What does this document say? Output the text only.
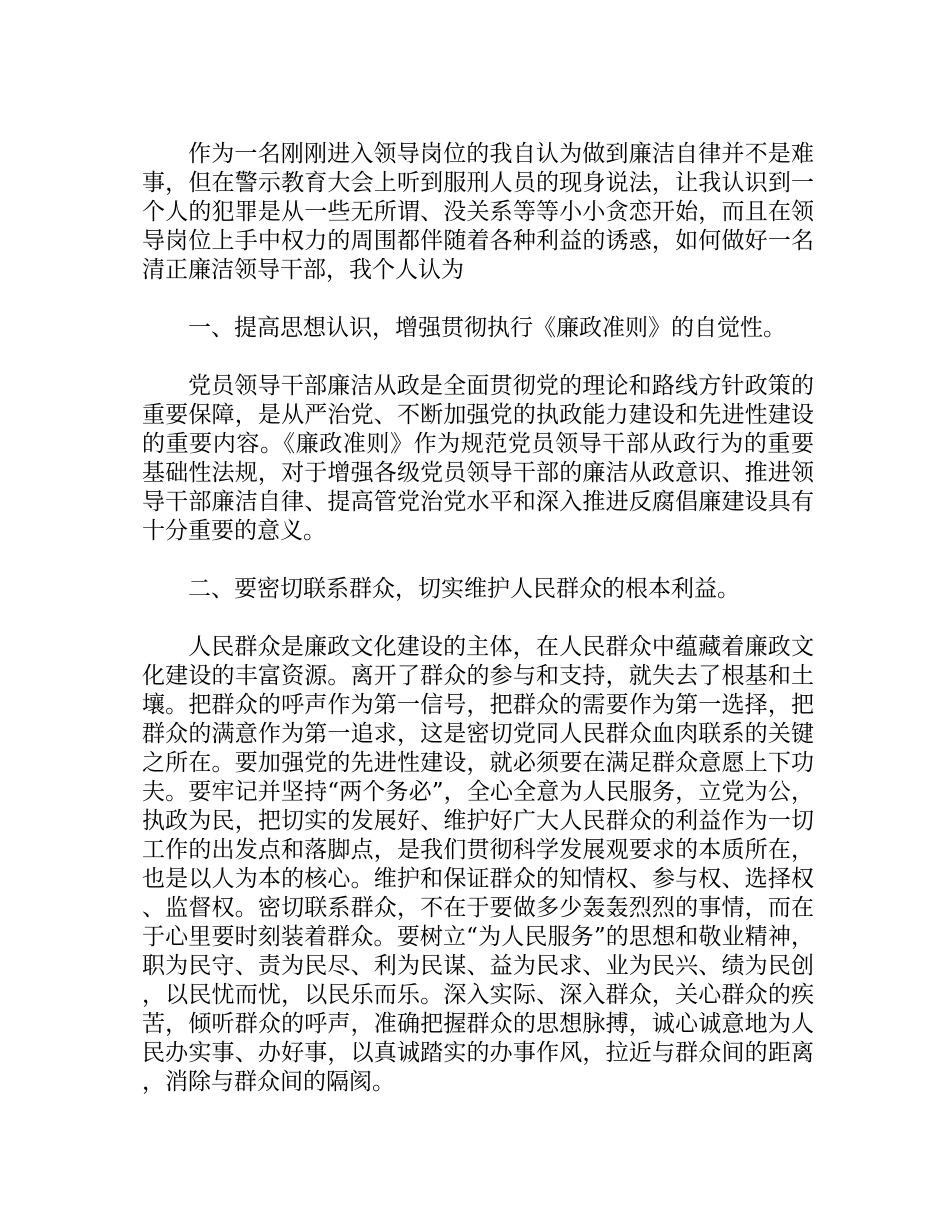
作为一名刚刚进入领导岗位的我自认为做到廉洁自律并不是难事，但在警示教育大会上听到服刑人员的现身说法，让我认识到一个人的犯罪是从一些无所谓、没关系等等小小贪恋开始，而且在领导岗位上手中权力的周围都伴随着各种利益的诱惑，如何做好一名清正廉洁领导干部，我个人认为

一、提高思想认识，增强贯彻执行《廉政准则》的自觉性。

党员领导干部廉洁从政是全面贯彻党的理论和路线方针政策的重要保障，是从严治党、不断加强党的执政能力建设和先进性建设的重要内容。《廉政准则》作为规范党员领导干部从政行为的重要基础性法规，对于增强各级党员领导干部的廉洁从政意识、推进领导干部廉洁自律、提高管党治党水平和深入推进反腐倡廉建设具有十分重要的意义。

二、要密切联系群众，切实维护人民群众的根本利益。

人民群众是廉政文化建设的主体，在人民群众中蕴藏着廉政文化建设的丰富资源。离开了群众的参与和支持，就失去了根基和土壤。把群众的呼声作为第一信号，把群众的需要作为第一选择，把群众的满意作为第一追求，这是密切党同人民群众血肉联系的关键之所在。要加强党的先进性建设，就必须要在满足群众意愿上下功夫。要牢记并坚持“两个务必”，全心全意为人民服务，立党为公，执政为民，把切实的发展好、维护好广大人民群众的利益作为一切工作的出发点和落脚点，是我们贯彻科学发展观要求的本质所在，也是以人为本的核心。维护和保证群众的知情权、参与权、选择权、监督权。密切联系群众，不在于要做多少轰轰烈烈的事情，而在于心里要时刻装着群众。要树立“为人民服务”的思想和敬业精神，职为民守、责为民尽、利为民谋、益为民求、业为民兴、绩为民创，以民忧而忧，以民乐而乐。深入实际、深入群众，关心群众的疾苦，倾听群众的呼声，准确把握群众的思想脉搏，诚心诚意地为人民办实事、办好事，以真诚踏实的办事作风，拉近与群众间的距离，消除与群众间的隔阂。
